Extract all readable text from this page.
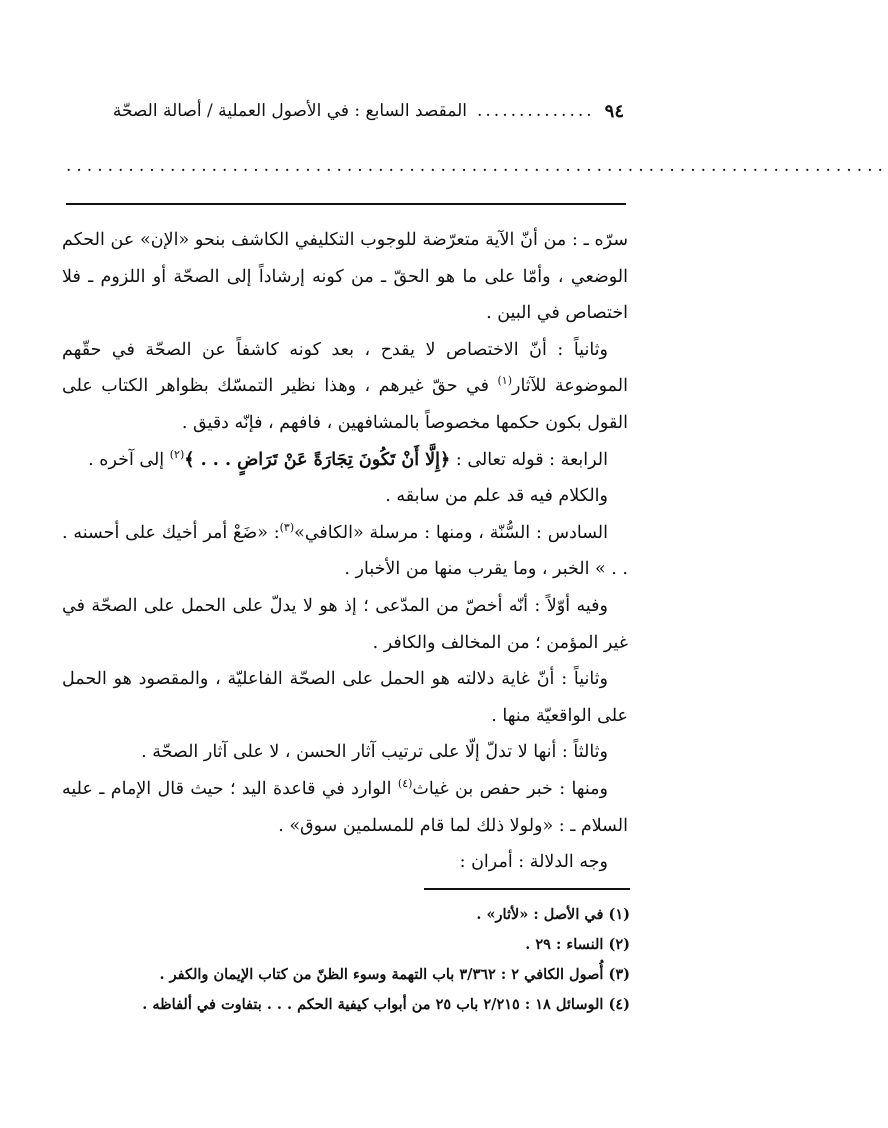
٩٤
..............
المقصد السابع : في الأصول العملية / أصالة الصحّة
...............................................................................

سرّه ـ : من أنّ الآية متعرّضة للوجوب التكليفي الكاشف بنحو «الإن» عن الحكم الوضعي ، وأمّا على ما هو الحقّ ـ من كونه إرشاداً إلى الصحّة أو اللزوم ـ فلا اختصاص في البين .

وثانياً : أنّ الاختصاص لا يقدح ، بعد كونه كاشفاً عن الصحّة في حقّهم الموضوعة للآثار$^{(١)}$ في حقّ غيرهم ، وهذا نظير التمسّك بظواهر الكتاب على القول بكون حكمها مخصوصاً بالمشافهين ، فافهم ، فإنّه دقيق .

الرابعة : قوله تعالى : ﴿إِلَّا أَنْ تَكُونَ تِجَارَةً عَنْ تَرَاضٍ . . . ﴾$^{(٢)}$ إلى آخره .

والكلام فيه قد علم من سابقه .

السادس : السُّنّة ، ومنها : مرسلة «الكافي»$^{(٣)}$: «ضَعْ أمر أخيك على أحسنه . . . » الخبر ، وما يقرب منها من الأخبار .

وفيه أوّلاً : أنّه أخصّ من المدّعى ؛ إذ هو لا يدلّ على الحمل على الصحّة في غير المؤمن ؛ من المخالف والكافر .

وثانياً : أنّ غاية دلالته هو الحمل على الصحّة الفاعليّة ، والمقصود هو الحمل على الواقعيّة منها .

وثالثاً : أنها لا تدلّ إلّا على ترتيب آثار الحسن ، لا على آثار الصحّة .

ومنها : خبر حفص بن غياث$^{(٤)}$ الوارد في قاعدة اليد ؛ حيث قال الإمام ـ عليه السلام ـ : «ولولا ذلك لما قام للمسلمين سوق» .

وجه الدلالة : أمران :

(١) في الأصل : «لأثار» .

(٢) النساء : ٢٩ .

(٣) أُصول الكافي ٢ : ٣/٣٦٢ باب التهمة وسوء الظنّ من كتاب الإيمان والكفر .

(٤) الوسائل ١٨ : ٢/٢١٥ باب ٢٥ من أبواب كيفية الحكم . . . بتفاوت في ألفاظه .
